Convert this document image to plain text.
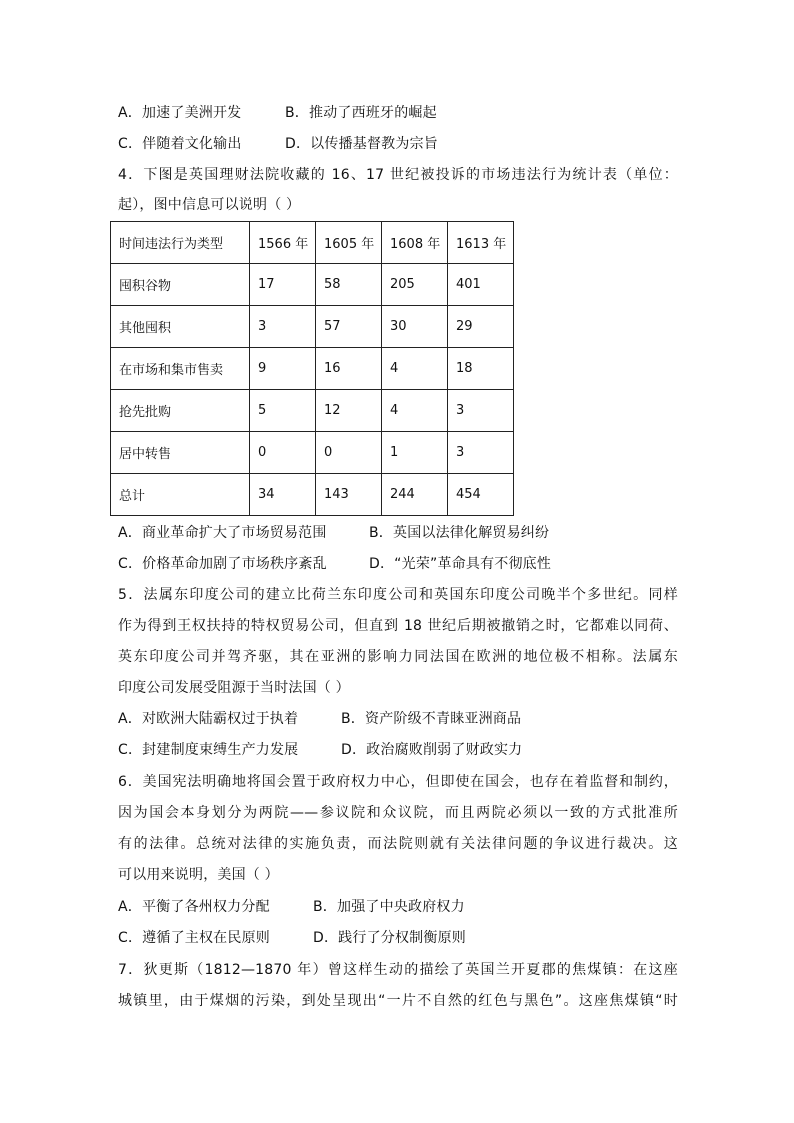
A．加速了美洲开发	B．推动了西班牙的崛起
C．伴随着文化输出	D．以传播基督教为宗旨
4．下图是英国理财法院收藏的 16、17 世纪被投诉的市场违法行为统计表（单位：
起），图中信息可以说明（ ）
时间违法行为类型	1566 年	1605 年	1608 年	1613 年
囤积谷物	17	58	205	401
其他囤积	3	57	30	29
在市场和集市售卖	9	16	4	18
抢先批购	5	12	4	3
居中转售	0	0	1	3
总计	34	143	244	454
A．商业革命扩大了市场贸易范围	B．英国以法律化解贸易纠纷
C．价格革命加剧了市场秩序紊乱	D．“光荣”革命具有不彻底性
5．法属东印度公司的建立比荷兰东印度公司和英国东印度公司晚半个多世纪。同样
作为得到王权扶持的特权贸易公司，但直到 18 世纪后期被撤销之时，它都难以同荷、
英东印度公司并驾齐驱，其在亚洲的影响力同法国在欧洲的地位极不相称。法属东
印度公司发展受阻源于当时法国（ ）
A．对欧洲大陆霸权过于执着	B．资产阶级不青睐亚洲商品
C．封建制度束缚生产力发展	D．政治腐败削弱了财政实力
6．美国宪法明确地将国会置于政府权力中心，但即使在国会，也存在着监督和制约，
因为国会本身划分为两院——参议院和众议院，而且两院必须以一致的方式批准所
有的法律。总统对法律的实施负责，而法院则就有关法律问题的争议进行裁决。这
可以用来说明，美国（ ）
A．平衡了各州权力分配	B．加强了中央政府权力
C．遵循了主权在民原则	D．践行了分权制衡原则
7．狄更斯（1812—1870 年）曾这样生动的描绘了英国兰开夏郡的焦煤镇：在这座
城镇里，由于煤烟的污染，到处呈现出“一片不自然的红色与黑色”。这座焦煤镇“时
